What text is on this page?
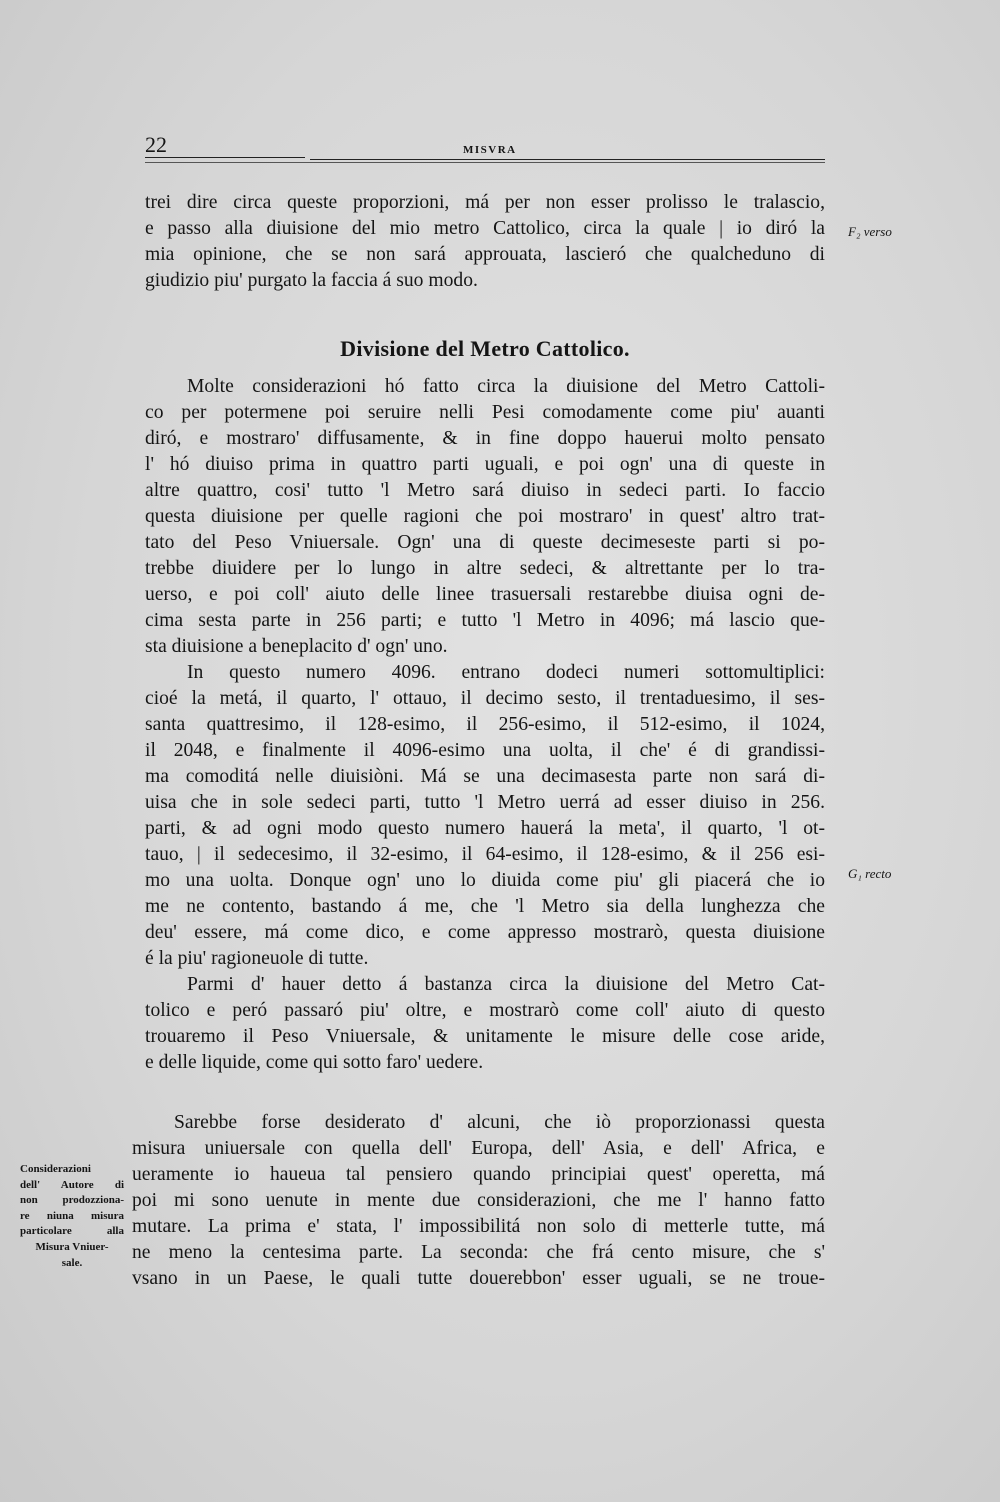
22	MISVRA
F₂ verso
G₁ recto
trei dire circa queste proporzioni, má per non esser prolisso le tralascio,
e passo alla diuisione del mio metro Cattolico, circa la quale | io diró la
mia opinione, che se non sará approuata, lascieró che qualcheduno di
giudizio piu' purgato la faccia á suo modo.
Divisione del Metro Cattolico.
Molte considerazioni hó fatto circa la diuisione del Metro Cattoli-
co per potermene poi seruire nelli Pesi comodamente come piu' auanti
diró, e mostraro' diffusamente, & in fine doppo hauerui molto pensato
l' hó diuiso prima in quattro parti uguali, e poi ogn' una di queste in
altre quattro, cosi' tutto 'l Metro sará diuiso in sedeci parti. Io faccio
questa diuisione per quelle ragioni che poi mostraro' in quest' altro trat-
tato del Peso Vniuersale. Ogn' una di queste decimeseste parti si po-
trebbe diuidere per lo lungo in altre sedeci, & altrettante per lo tra-
uerso, e poi coll' aiuto delle linee trasuersali restarebbe diuisa ogni de-
cima sesta parte in 256 parti; e tutto 'l Metro in 4096; má lascio que-
sta diuisione a beneplacito d' ogn' uno.
In questo numero 4096. entrano dodeci numeri sottomultiplici:
cioé la metá, il quarto, l' ottauo, il decimo sesto, il trentaduesimo, il ses-
santa quattresimo, il 128-esimo, il 256-esimo, il 512-esimo, il 1024,
il 2048, e finalmente il 4096-esimo una uolta, il che' é di grandissi-
ma comoditá nelle diuisiòni. Má se una decimasesta parte non sará di-
uisa che in sole sedeci parti, tutto 'l Metro uerrá ad esser diuiso in 256.
parti, & ad ogni modo questo numero hauerá la meta', il quarto, 'l ot-
tauo, | il sedecesimo, il 32-esimo, il 64-esimo, il 128-esimo, & il 256 esi-
mo una uolta. Donque ogn' uno lo diuida come piu' gli piacerá che io
me ne contento, bastando á me, che 'l Metro sia della lunghezza che
deu' essere, má come dico, e come appresso mostrarò, questa diuisione
é la piu' ragioneuole di tutte.
Parmi d' hauer detto á bastanza circa la diuisione del Metro Cat-
tolico e peró passaró piu' oltre, e mostrarò come coll' aiuto di questo
trouaremo il Peso Vniuersale, & unitamente le misure delle cose aride,
e delle liquide, come qui sotto faro' uedere.
Considerazioni
dell' Autore di
non prodozziona-
re niuna misura
particolare alla
Misura Vniuer-
sale.
Sarebbe forse desiderato d' alcuni, che iò proporzionassi questa
misura uniuersale con quella dell' Europa, dell' Asia, e dell' Africa, e
ueramente io haueua tal pensiero quando principiai quest' operetta, má
poi mi sono uenute in mente due considerazioni, che me l' hanno fatto
mutare. La prima e' stata, l' impossibilitá non solo di metterle tutte, má
ne meno la centesima parte. La seconda: che frá cento misure, che s'
vsano in un Paese, le quali tutte douerebbon' esser uguali, se ne troue-
